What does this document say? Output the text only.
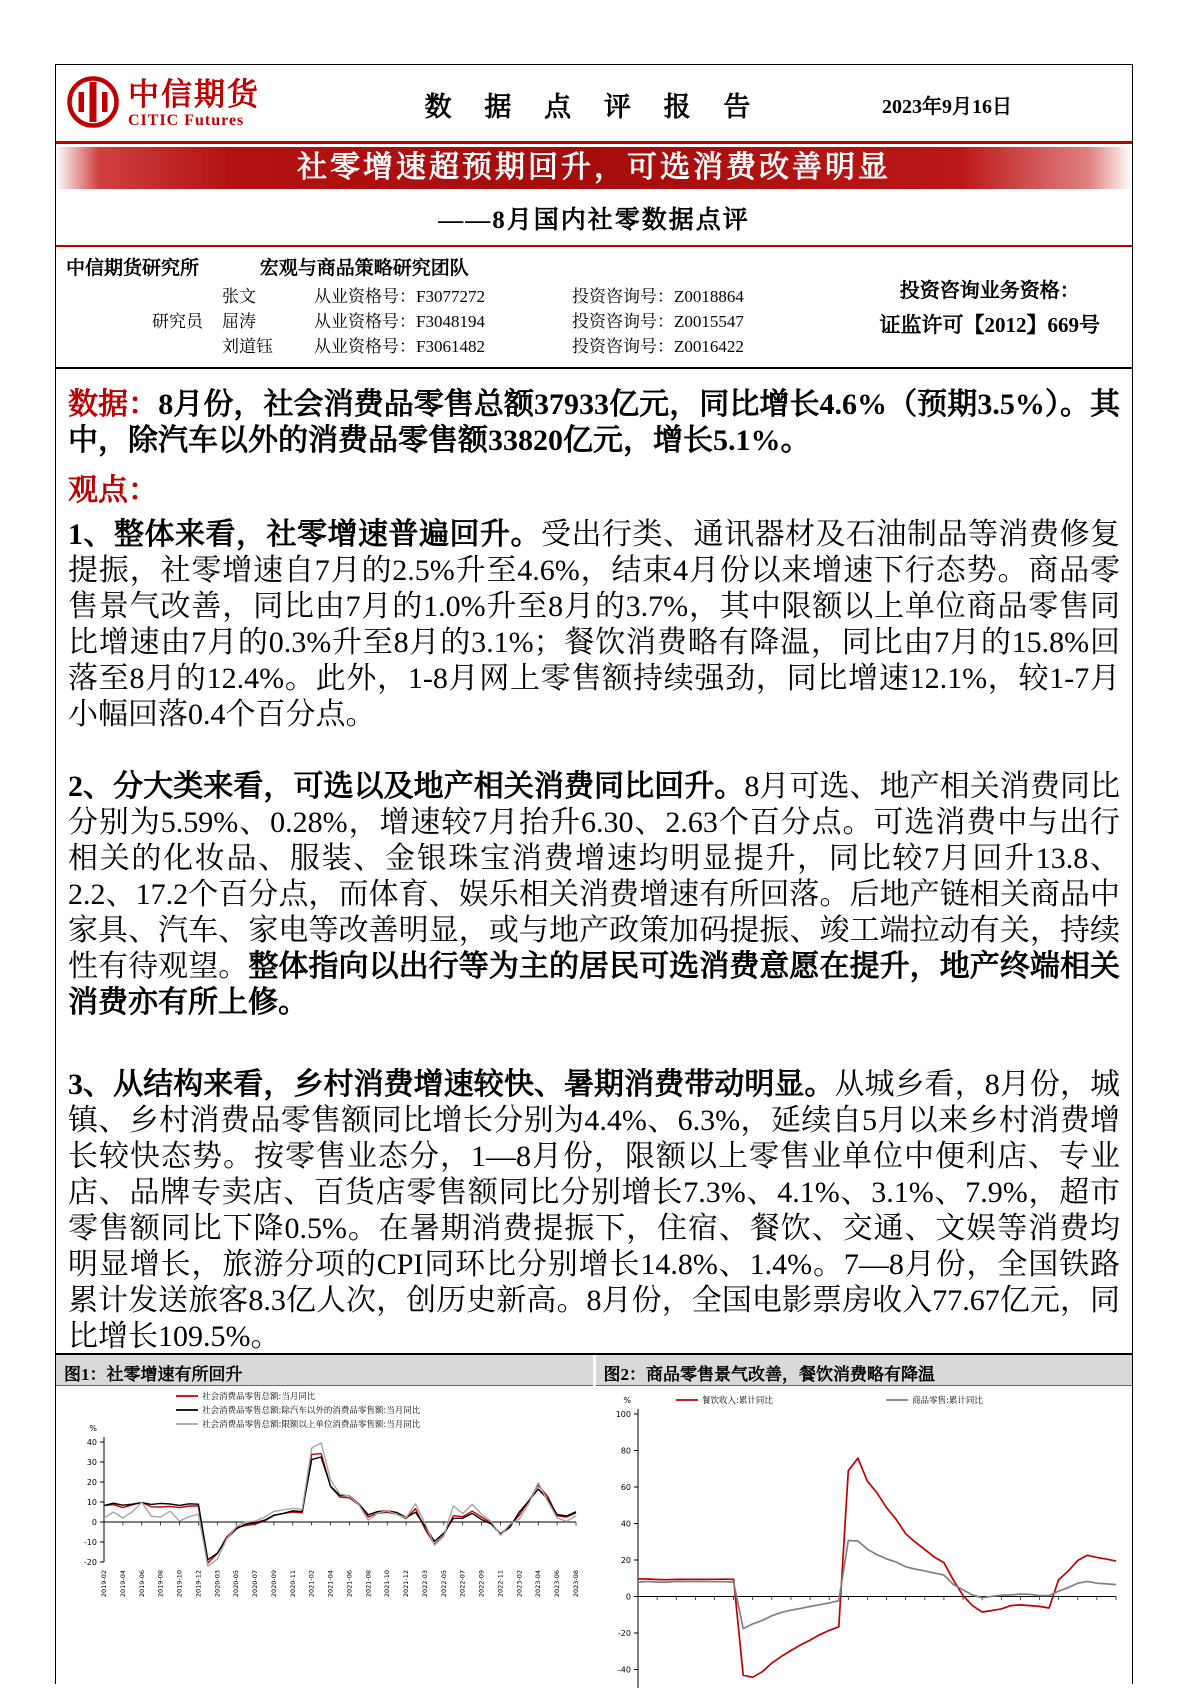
中信期货
CITIC Futures	数 据 点 评 报 告	2023年9月16日
社零增速超预期回升，可选消费改善明显
——8月国内社零数据点评
中信期货研究所	宏观与商品策略研究团队
张文	从业资格号：F3077272	投资咨询号：Z0018864
研究员	屈涛	从业资格号：F3048194	投资咨询号：Z0015547
刘道钰	从业资格号：F3061482	投资咨询号：Z0016422
投资咨询业务资格：
证监许可【2012】669号

数据：8月份，社会消费品零售总额37933亿元，同比增长4.6%（预期3.5%）。其中，除汽车以外的消费品零售额33820亿元，增长5.1%。

观点：

1、整体来看，社零增速普遍回升。受出行类、通讯器材及石油制品等消费修复提振，社零增速自7月的2.5%升至4.6%，结束4月份以来增速下行态势。商品零售景气改善，同比由7月的1.0%升至8月的3.7%，其中限额以上单位商品零售同比增速由7月的0.3%升至8月的3.1%；餐饮消费略有降温，同比由7月的15.8%回落至8月的12.4%。此外，1-8月网上零售额持续强劲，同比增速12.1%，较1-7月小幅回落0.4个百分点。

2、分大类来看，可选以及地产相关消费同比回升。8月可选、地产相关消费同比分别为5.59%、0.28%，增速较7月抬升6.30、2.63个百分点。可选消费中与出行相关的化妆品、服装、金银珠宝消费增速均明显提升，同比较7月回升13.8、2.2、17.2个百分点，而体育、娱乐相关消费增速有所回落。后地产链相关商品中家具、汽车、家电等改善明显，或与地产政策加码提振、竣工端拉动有关，持续性有待观望。整体指向以出行等为主的居民可选消费意愿在提升，地产终端相关消费亦有所上修。

3、从结构来看，乡村消费增速较快、暑期消费带动明显。从城乡看，8月份，城镇、乡村消费品零售额同比增长分别为4.4%、6.3%，延续自5月以来乡村消费增长较快态势。按零售业态分，1—8月份，限额以上零售业单位中便利店、专业店、品牌专卖店、百货店零售额同比分别增长7.3%、4.1%、3.1%、7.9%，超市零售额同比下降0.5%。在暑期消费提振下，住宿、餐饮、交通、文娱等消费均明显增长，旅游分项的CPI同环比分别增长14.8%、1.4%。7—8月份，全国铁路累计发送旅客8.3亿人次，创历史新高。8月份，全国电影票房收入77.67亿元，同比增长109.5%。

图1：社零增速有所回升
40
30
20
10
0
-10
-20
2019-02 2019-04 2019-06 2019-08 2019-10 2019-12 2020-03 2020-05 2020-07 2020-09 2020-11 2021-02 2021-04 2021-06 2021-08 2021-10 2021-12 2022-03 2022-05 2022-07 2022-09 2022-11 2023-02 2023-04 2023-06 2023-08
%
社会消费品零售总额:当月同比
社会消费品零售总额:除汽车以外的消费品零售额:当月同比
社会消费品零售总额:限额以上单位消费品零售额:当月同比
图2：商品零售景气改善，餐饮消费略有降温
100
80
60
40
20
0
-20
-40
%	餐饮收入:累计同比	商品零售:累计同比
